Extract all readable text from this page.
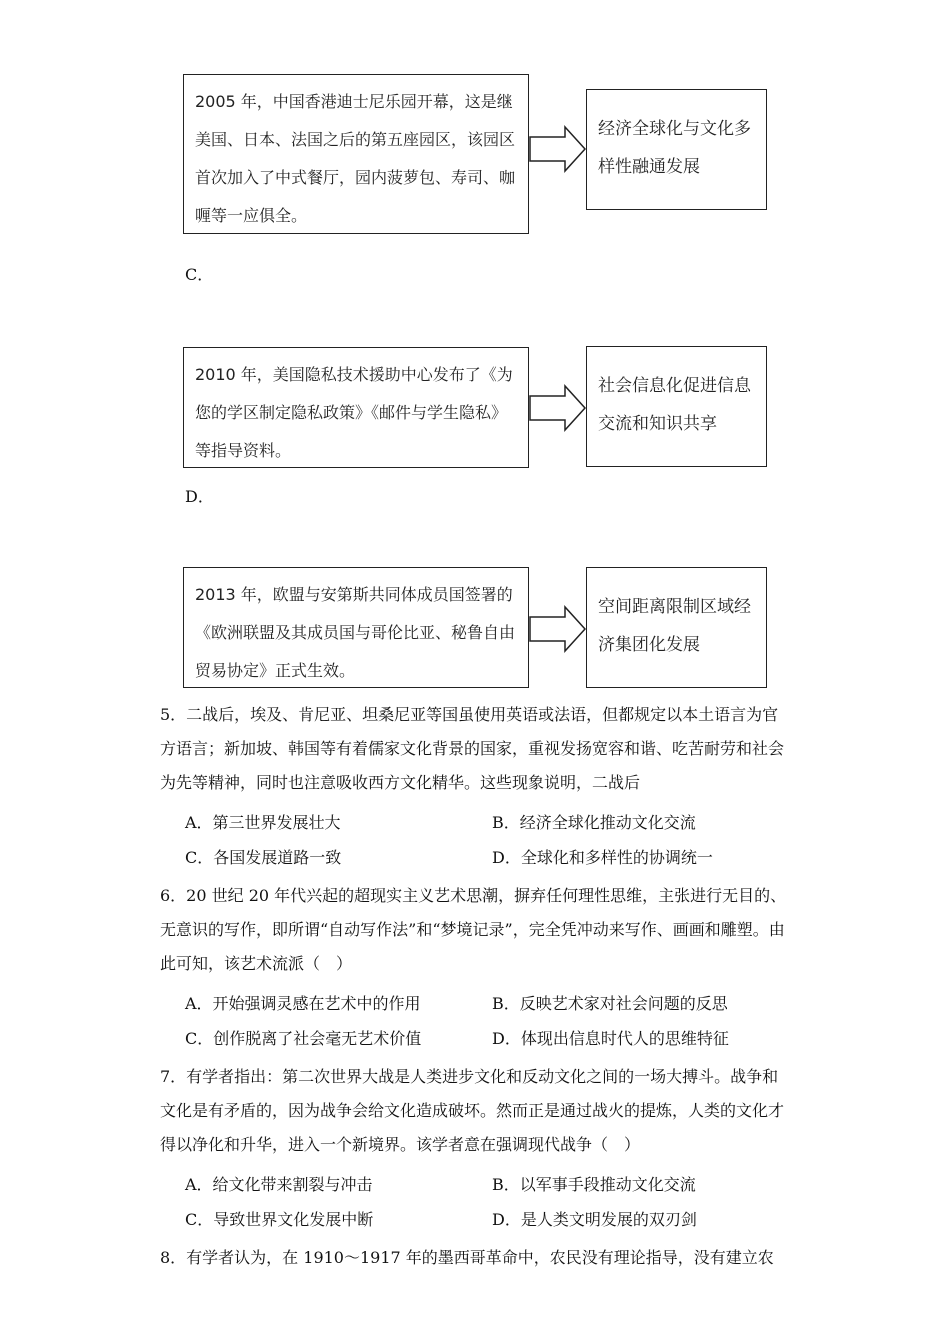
2005 年，中国香港迪士尼乐园开幕，这是继美国、日本、法国之后的第五座园区，该园区首次加入了中式餐厅，园内菠萝包、寿司、咖喱等一应俱全。
经济全球化与文化多样性融通发展
C．
2010 年，美国隐私技术援助中心发布了《为您的学区制定隐私政策》《邮件与学生隐私》等指导资料。
社会信息化促进信息交流和知识共享
D．
2013 年，欧盟与安第斯共同体成员国签署的《欧洲联盟及其成员国与哥伦比亚、秘鲁自由贸易协定》正式生效。
空间距离限制区域经济集团化发展

5．二战后，埃及、肯尼亚、坦桑尼亚等国虽使用英语或法语，但都规定以本土语言为官方语言；新加坡、韩国等有着儒家文化背景的国家，重视发扬宽容和谐、吃苦耐劳和社会为先等精神，同时也注意吸收西方文化精华。这些现象说明，二战后

A．第三世界发展壮大	B．经济全球化推动文化交流
C．各国发展道路一致	D．全球化和多样性的协调统一

6．20 世纪 20 年代兴起的超现实主义艺术思潮，摒弃任何理性思维，主张进行无目的、无意识的写作，即所谓“自动写作法”和“梦境记录”，完全凭冲动来写作、画画和雕塑。由此可知，该艺术流派（　）

A．开始强调灵感在艺术中的作用	B．反映艺术家对社会问题的反思
C．创作脱离了社会毫无艺术价值	D．体现出信息时代人的思维特征

7．有学者指出：第二次世界大战是人类进步文化和反动文化之间的一场大搏斗。战争和文化是有矛盾的，因为战争会给文化造成破坏。然而正是通过战火的提炼，人类的文化才得以净化和升华，进入一个新境界。该学者意在强调现代战争（　）

A．给文化带来割裂与冲击	B．以军事手段推动文化交流
C．导致世界文化发展中断	D．是人类文明发展的双刃剑

8．有学者认为，在 1910～1917 年的墨西哥革命中，农民没有理论指导，没有建立农
